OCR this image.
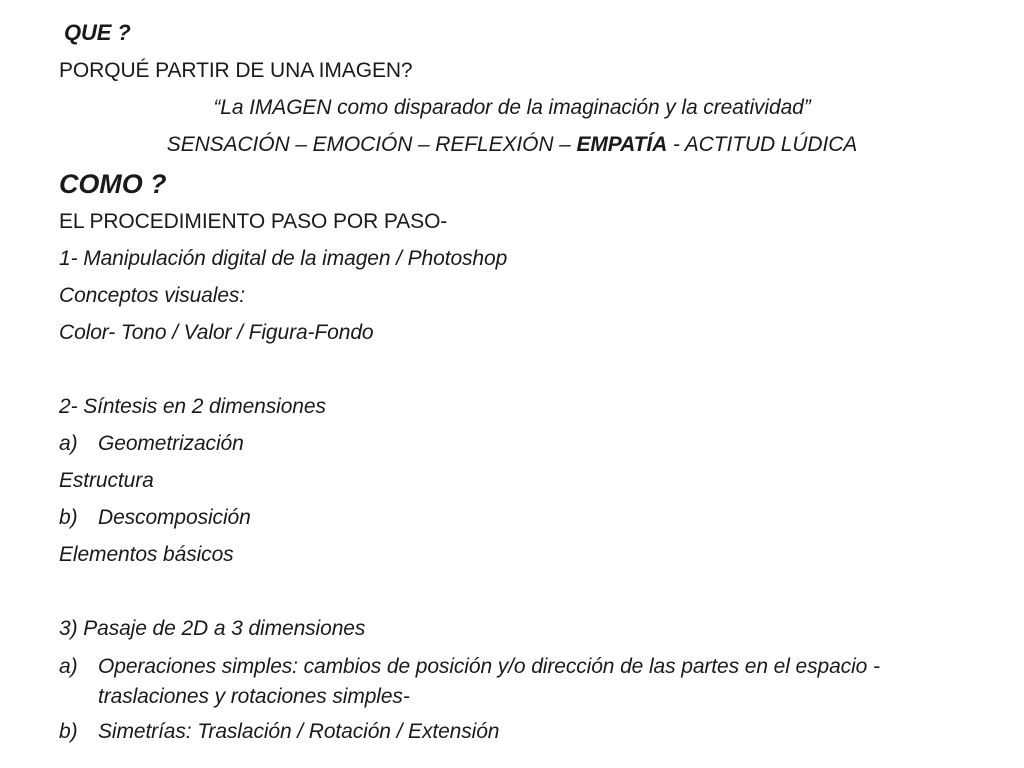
QUE ?
PORQUÉ PARTIR DE UNA IMAGEN?
“La IMAGEN como disparador de la imaginación y la creatividad”
SENSACIÓN – EMOCIÓN – REFLEXIÓN – EMPATÍA - ACTITUD LÚDICA
COMO ?
EL PROCEDIMIENTO PASO POR PASO-
1- Manipulación digital de la imagen / Photoshop
Conceptos visuales:
Color- Tono / Valor / Figura-Fondo
2- Síntesis en 2 dimensiones
a) Geometrización
Estructura
b) Descomposición
Elementos básicos
3) Pasaje de 2D a 3 dimensiones
a) Operaciones simples: cambios de posición y/o dirección de las partes en el espacio -
traslaciones y rotaciones simples-
b) Simetrías: Traslación / Rotación / Extensión
